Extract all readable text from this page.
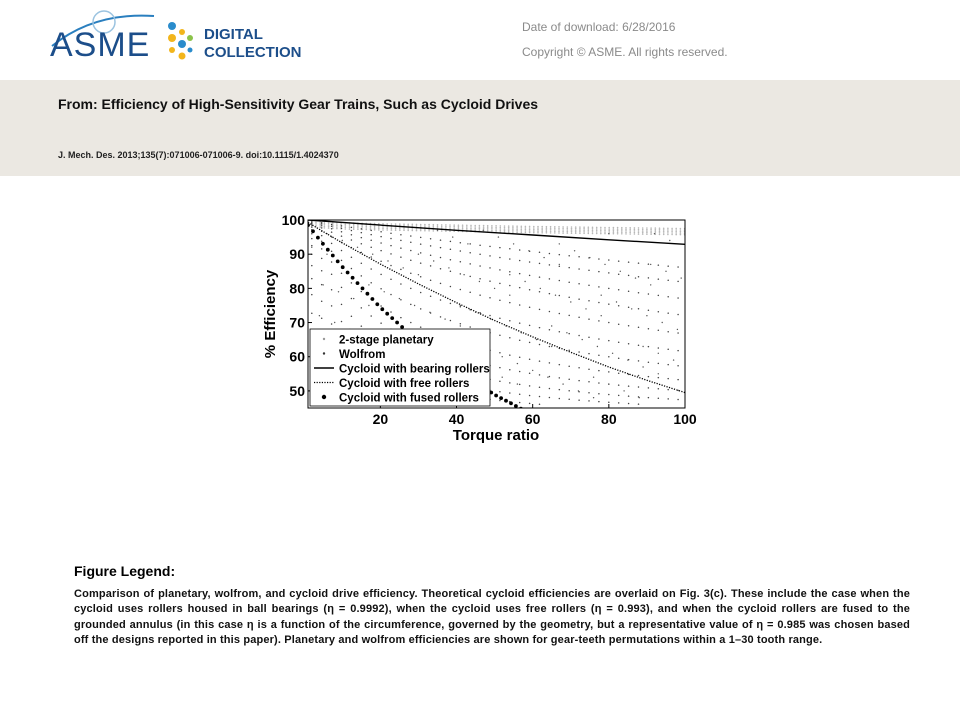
ASME	DIGITAL
COLLECTION
Date of download: 6/28/2016
Copyright © ASME. All rights reserved.
From: Efficiency of High-Sensitivity Gear Trains, Such as Cycloid Drives
J. Mech. Des. 2013;135(7):071006-071006-9. doi:10.1115/1.4024370
20	40	60	80	100
50
60
70
80
90
100
Torque ratio
% Efficiency	2-stage planetary
Wolfrom
Cycloid with bearing rollers
Cycloid with free rollers
Cycloid with fused rollers
Figure Legend:
Comparison of planetary, wolfrom, and cycloid drive efficiency. Theoretical cycloid efficiencies are overlaid on Fig. 3(c). These include the case when the cycloid uses rollers housed in ball bearings (η = 0.9992), when the cycloid uses free rollers (η = 0.993), and when the cycloid rollers are fused to the grounded annulus (in this case η is a function of the circumference, governed by the geometry, but a representative value of η = 0.985 was chosen based off the designs reported in this paper). Planetary and wolfrom efficiencies are shown for gear-teeth permutations within a 1–30 tooth range.
